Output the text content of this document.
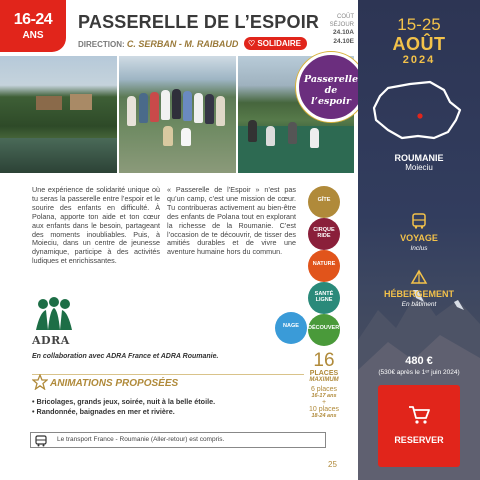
16-24
ANS
PASSERELLE DE L’ESPOIR
DIRECTION: C. SERBAN - M. RAIBAUD	♡ SOLIDAIRE
COÛT
SÉJOUR
24.10A
24.10E
Passerelle
de
l’espoir
15-25
AOÛT
2024
ROUMANIE
Moieciu
VOYAGE
Inclus
HÉBERGEMENT
En bâtiment
480 €
(530€ après le 1ᵉʳ juin 2024)
RESERVER
Une expérience de solidarité unique où tu seras la passerelle entre l’espoir et le sourire des enfants en difficulté. À Polana, apporte ton aide et ton cœur aux enfants dans le besoin, partageant des moments inoubliables. Puis, à Moieciu, dans un centre de jeunesse dynamique, participe à des activités ludiques et enrichissantes.
« Passerelle de l’Espoir » n’est pas qu’un camp, c’est une mission de cœur. Tu contribueras activement au bien-être des enfants de Polana tout en explorant la richesse de la Roumanie. C’est l’occasion de te découvrir, de tisser des amitiés durables et de vivre une aventure humaine hors du commun.
GÎTE
CIRQUE RIDE
NATURE
SANTÉ LIGNE
DÉCOUVERTE
NAGE
ADRA
En collaboration avec ADRA France et ADRA Roumanie.	16
PLACES
MAXIMUM
6 places
16-17 ans
+
10 places
18-24 ans
ANIMATIONS PROPOSÉES
• Bricolages, grands jeux, soirée, nuit à la belle étoile.
• Randonnée, baignades en mer et rivière.
Le transport France - Roumanie (Aller-retour) est compris.
25
